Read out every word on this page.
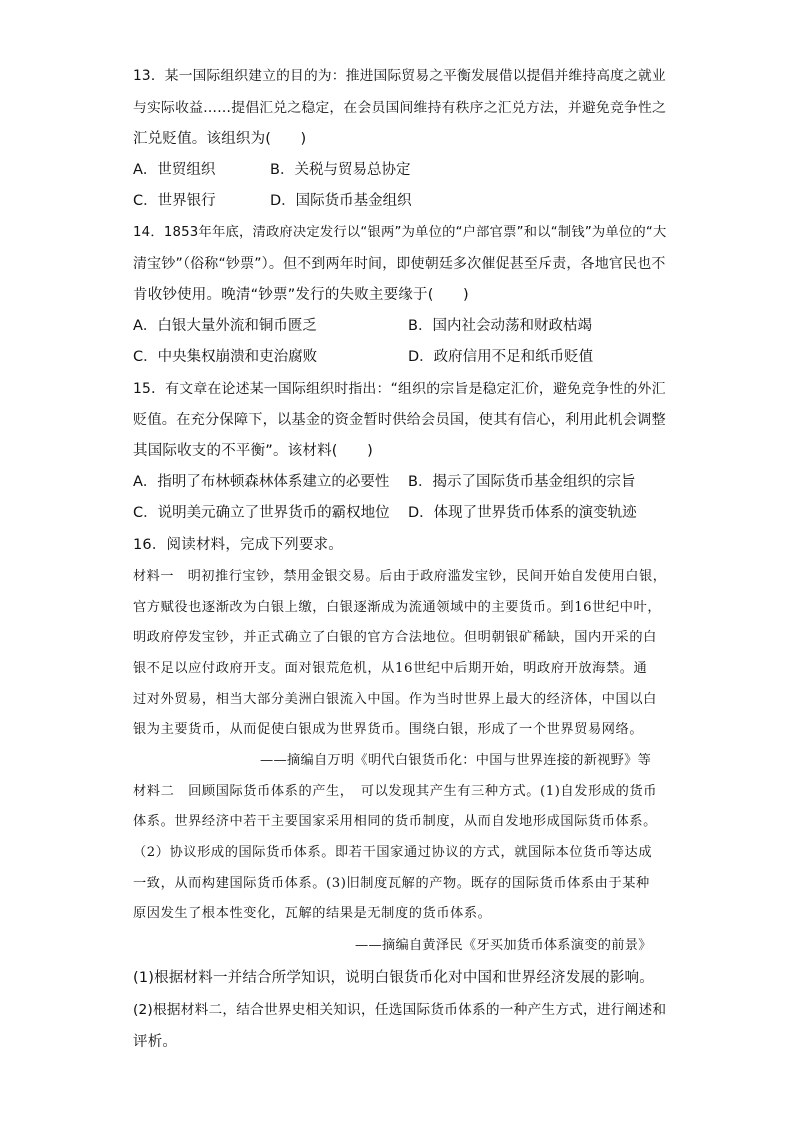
13．某一国际组织建立的目的为：推进国际贸易之平衡发展借以提倡并维持高度之就业
与实际收益……提倡汇兑之稳定，在会员国间维持有秩序之汇兑方法，并避免竞争性之
汇兑贬值。该组织为(　　)
A．世贸组织	B．关税与贸易总协定
C．世界银行	D．国际货币基金组织
14．1853年年底，清政府决定发行以“银两”为单位的“户部官票”和以“制钱”为单位的“大
清宝钞”（俗称“钞票”）。但不到两年时间，即使朝廷多次催促甚至斥责，各地官民也不
肯收钞使用。晚清“钞票”发行的失败主要缘于(　　)
A．白银大量外流和铜币匮乏	B．国内社会动荡和财政枯竭
C．中央集权崩溃和吏治腐败	D．政府信用不足和纸币贬值
15．有文章在论述某一国际组织时指出：“组织的宗旨是稳定汇价，避免竞争性的外汇
贬值。在充分保障下，以基金的资金暂时供给会员国，使其有信心，利用此机会调整
其国际收支的不平衡”。该材料(　　)
A．指明了布林顿森林体系建立的必要性 B．揭示了国际货币基金组织的宗旨
C．说明美元确立了世界货币的霸权地位 D．体现了世界货币体系的演变轨迹
16．阅读材料，完成下列要求。
材料一　明初推行宝钞，禁用金银交易。后由于政府滥发宝钞，民间开始自发使用白银，
官方赋役也逐渐改为白银上缴，白银逐渐成为流通领域中的主要货币。到16世纪中叶，
明政府停发宝钞，并正式确立了白银的官方合法地位。但明朝银矿稀缺，国内开采的白
银不足以应付政府开支。面对银荒危机，从16世纪中后期开始，明政府开放海禁。通
过对外贸易，相当大部分美洲白银流入中国。作为当时世界上最大的经济体，中国以白
银为主要货币，从而促使白银成为世界货币。围绕白银，形成了一个世界贸易网络。
——摘编自万明《明代白银货币化：中国与世界连接的新视野》等
材料二　回顾国际货币体系的产生，　可以发现其产生有三种方式。(1)自发形成的货币
体系。世界经济中若干主要国家采用相同的货币制度，从而自发地形成国际货币体系。
（2）协议形成的国际货币体系。即若干国家通过协议的方式，就国际本位货币等达成
一致，从而构建国际货币体系。(3)旧制度瓦解的产物。既存的国际货币体系由于某种
原因发生了根本性变化，瓦解的结果是无制度的货币体系。
——摘编自黄泽民《牙买加货币体系演变的前景》
(1)根据材料一并结合所学知识，说明白银货币化对中国和世界经济发展的影响。
(2)根据材料二，结合世界史相关知识，任选国际货币体系的一种产生方式，进行阐述和
评析。
